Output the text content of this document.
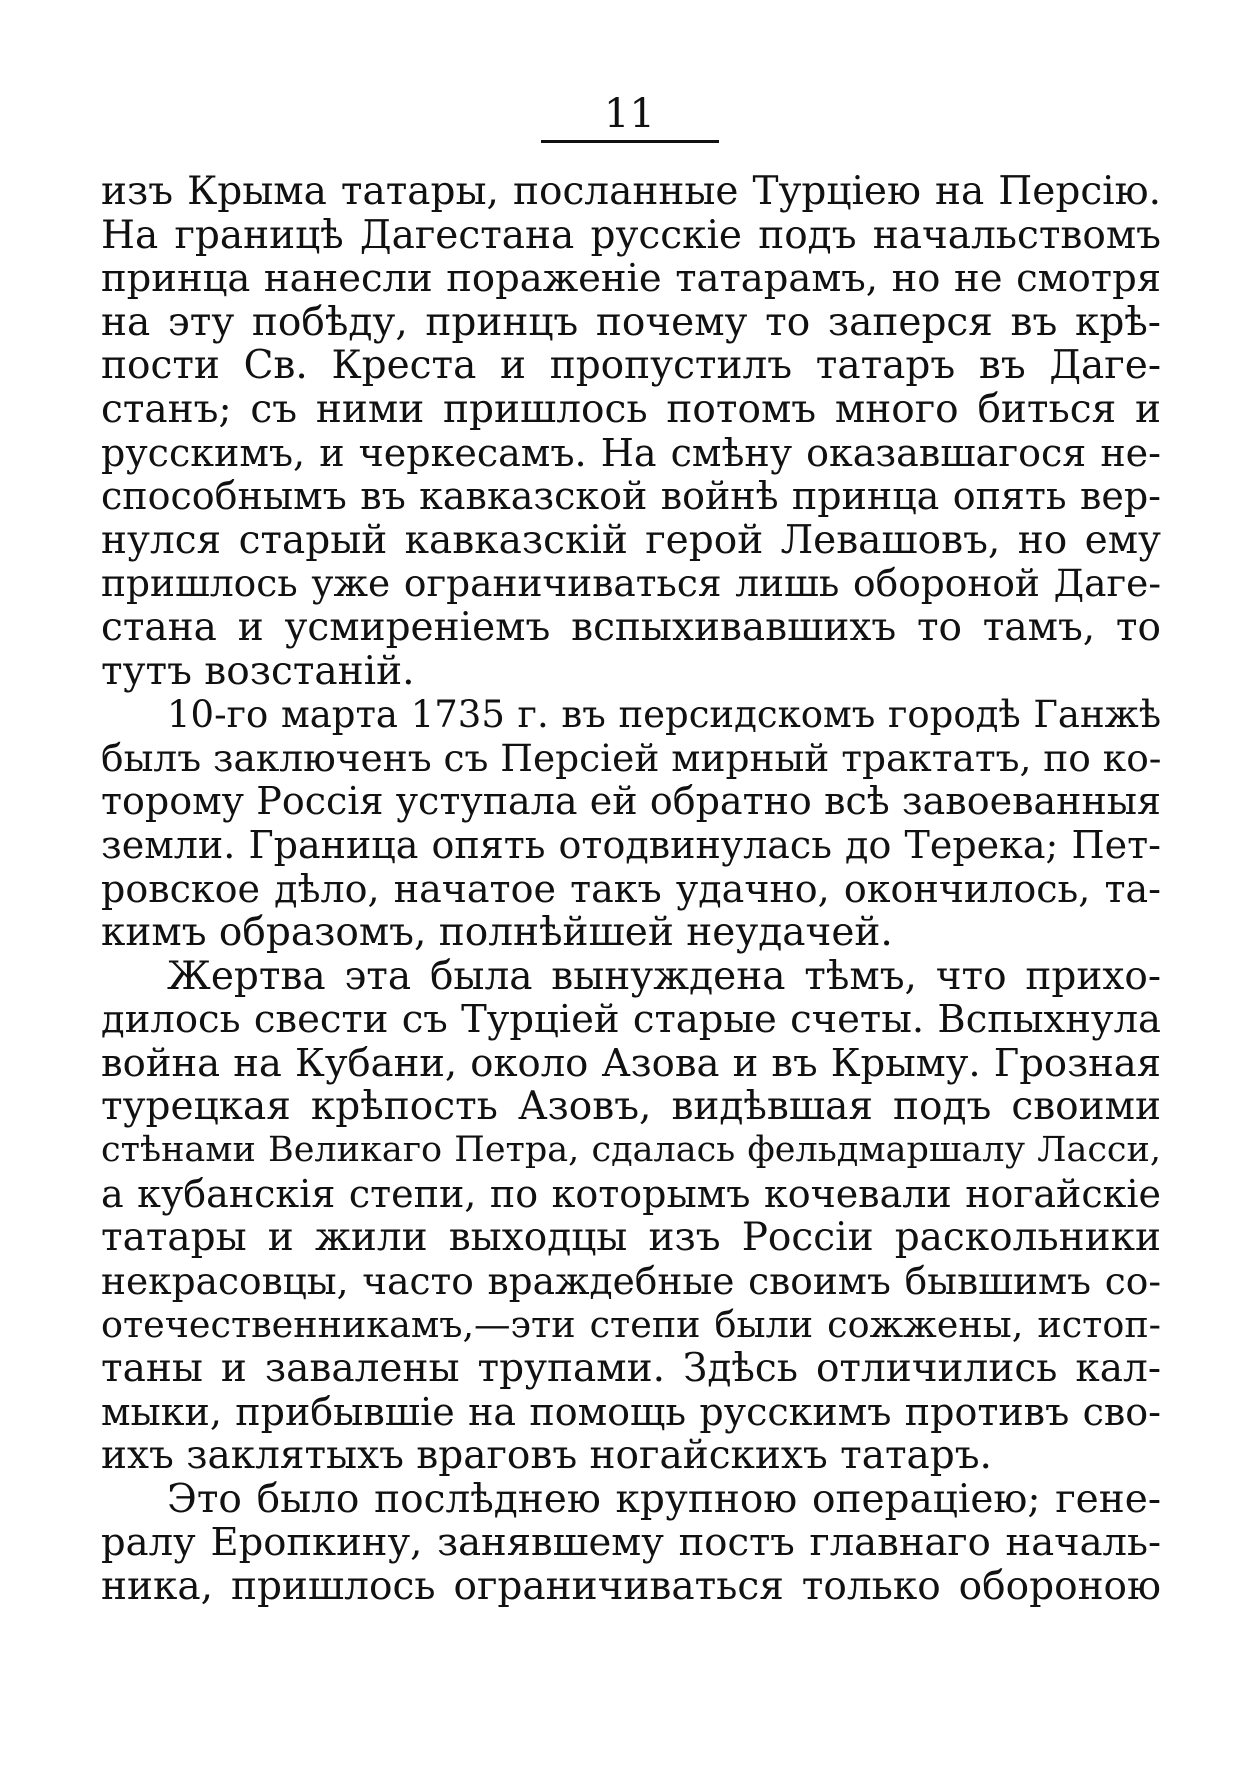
11
изъ Крыма татары, посланные Турціею на Персію.
На границѣ Дагестана русскіе подъ начальствомъ
принца нанесли пораженіе татарамъ, но не смотря
на эту побѣду, принцъ почему то заперся въ крѣ-
пости Св. Креста и пропустилъ татаръ въ Даге-
станъ; съ ними пришлось потомъ много биться и
русскимъ, и черкесамъ. На смѣну оказавшагося не-
способнымъ въ кавказской войнѣ принца опять вер-
нулся старый кавказскій герой Левашовъ, но ему
пришлось уже ограничиваться лишь обороной Даге-
стана и усмиреніемъ вспыхивавшихъ то тамъ, то
тутъ возстаній.
10-го марта 1735 г. въ персидскомъ городѣ Ганжѣ
былъ заключенъ съ Персіей мирный трактатъ, по ко-
торому Россія уступала ей обратно всѣ завоеванныя
земли. Граница опять отодвинулась до Терека; Пет-
ровское дѣло, начатое такъ удачно, окончилось, та-
кимъ образомъ, полнѣйшей неудачей.
Жертва эта была вынуждена тѣмъ, что прихо-
дилось свести съ Турціей старые счеты. Вспыхнула
война на Кубани, около Азова и въ Крыму. Грозная
турецкая крѣпость Азовъ, видѣвшая подъ своими
стѣнами Великаго Петра, сдалась фельдмаршалу Ласси,
а кубанскія степи, по которымъ кочевали ногайскіе
татары и жили выходцы изъ Россіи раскольники
некрасовцы, часто враждебные своимъ бывшимъ со-
отечественникамъ,—эти степи были сожжены, истоп-
таны и завалены трупами. Здѣсь отличились кал-
мыки, прибывшіе на помощь русскимъ противъ сво-
ихъ заклятыхъ враговъ ногайскихъ татаръ.
Это было послѣднею крупною операціею; гене-
ралу Еропкину, занявшему постъ главнаго началь-
ника, пришлось ограничиваться только обороною
